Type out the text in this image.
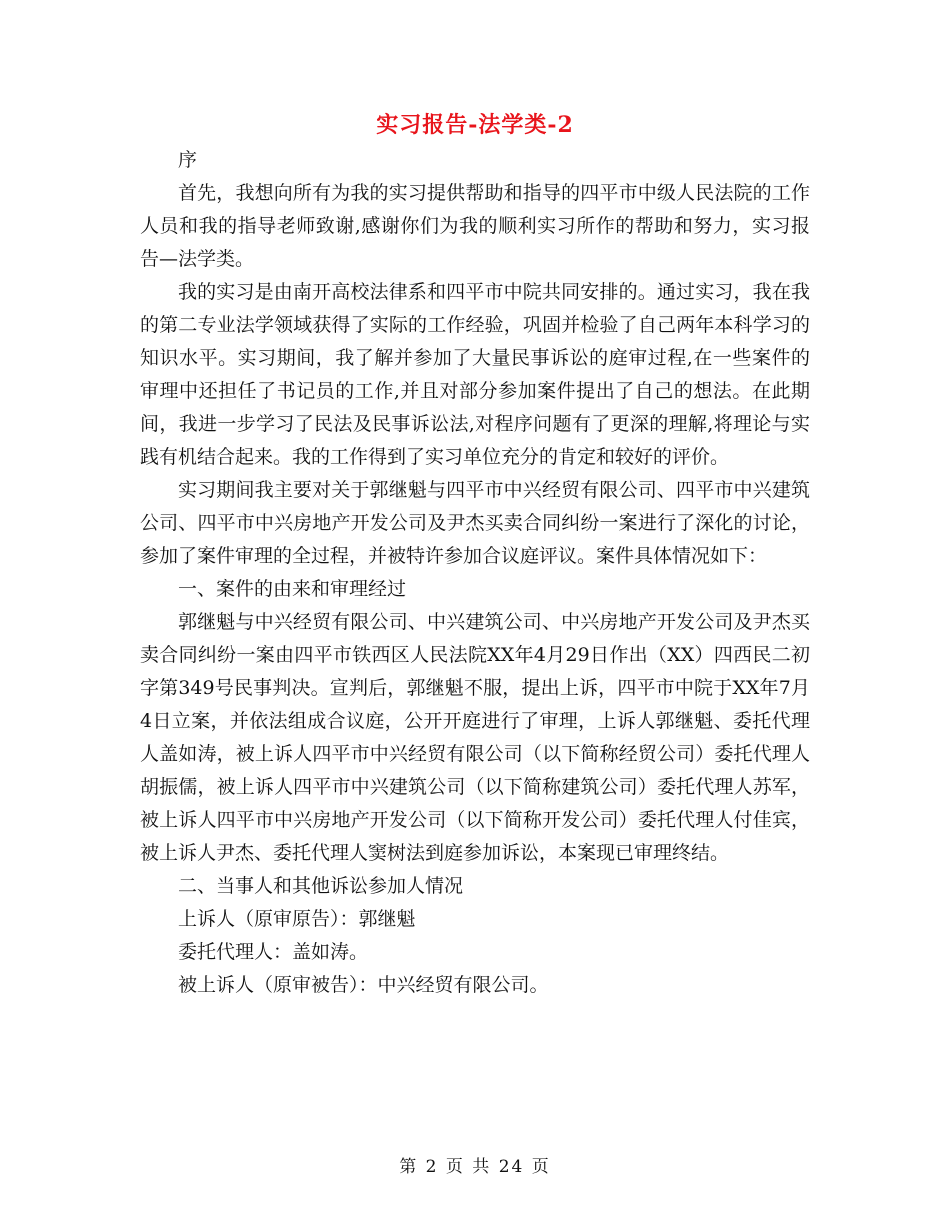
实习报告-法学类-2

序

首先，我想向所有为我的实习提供帮助和指导的四平市中级人民法院的工作人员和我的指导老师致谢,感谢你们为我的顺利实习所作的帮助和努力，实习报告—法学类。

我的实习是由南开高校法律系和四平市中院共同安排的。通过实习，我在我的第二专业法学领域获得了实际的工作经验，巩固并检验了自己两年本科学习的知识水平。实习期间，我了解并参加了大量民事诉讼的庭审过程,在一些案件的审理中还担任了书记员的工作,并且对部分参加案件提出了自己的想法。在此期间，我进一步学习了民法及民事诉讼法,对程序问题有了更深的理解,将理论与实践有机结合起来。我的工作得到了实习单位充分的肯定和较好的评价。

实习期间我主要对关于郭继魁与四平市中兴经贸有限公司、四平市中兴建筑公司、四平市中兴房地产开发公司及尹杰买卖合同纠纷一案进行了深化的讨论，参加了案件审理的全过程，并被特许参加合议庭评议。案件具体情况如下：

一、案件的由来和审理经过

郭继魁与中兴经贸有限公司、中兴建筑公司、中兴房地产开发公司及尹杰买卖合同纠纷一案由四平市铁西区人民法院XX年4月29日作出（XX）四西民二初字第349号民事判决。宣判后，郭继魁不服，提出上诉，四平市中院于XX年7月4日立案，并依法组成合议庭，公开开庭进行了审理，上诉人郭继魁、委托代理人盖如涛，被上诉人四平市中兴经贸有限公司（以下简称经贸公司）委托代理人胡振儒，被上诉人四平市中兴建筑公司（以下简称建筑公司）委托代理人苏军，被上诉人四平市中兴房地产开发公司（以下简称开发公司）委托代理人付佳宾，被上诉人尹杰、委托代理人窦树法到庭参加诉讼，本案现已审理终结。

二、当事人和其他诉讼参加人情况

上诉人（原审原告）：郭继魁

委托代理人：盖如涛。

被上诉人（原审被告）：中兴经贸有限公司。

第 2 页 共 24 页
